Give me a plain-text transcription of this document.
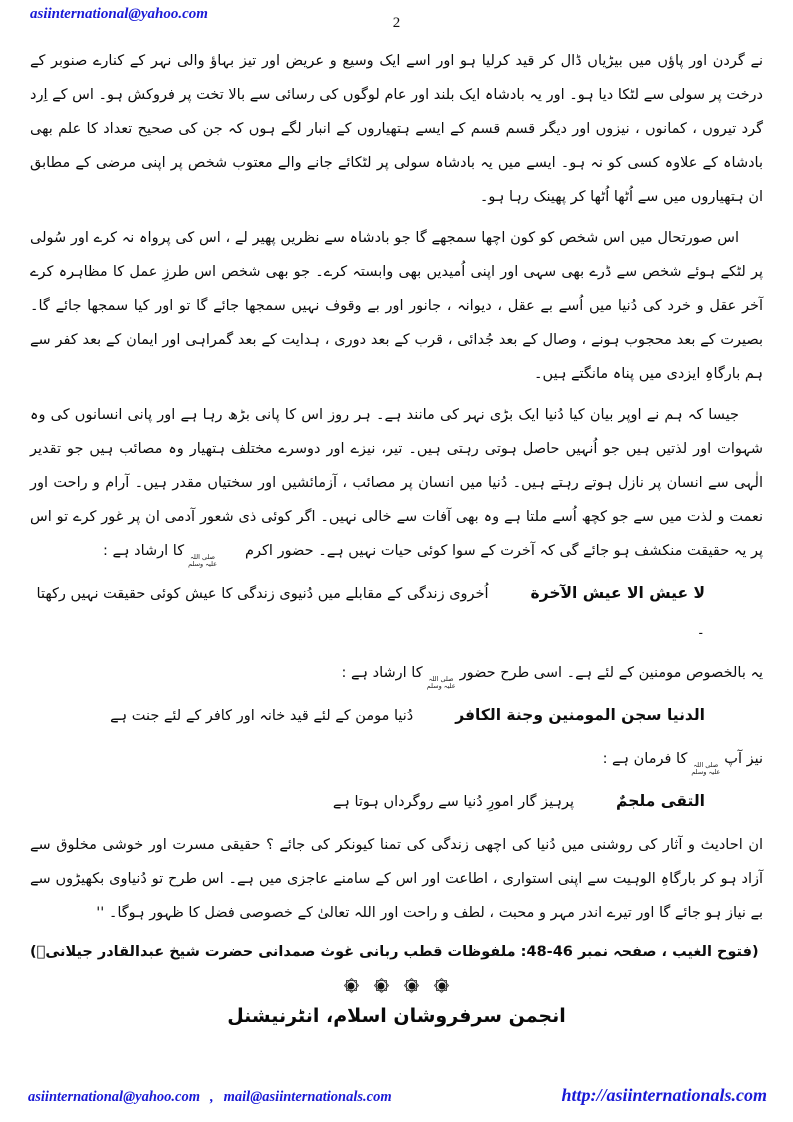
asiinternational@yahoo.com
2

نے گردن اور پاؤں میں بیڑیاں ڈال کر قید کرلیا ہو اور اسے ایک وسیع و عریض اور تیز بہاؤ والی نہر کے کنارے صنوبر کے درخت پر سولی سے لٹکا دیا ہو۔ اور یہ بادشاہ ایک بلند اور عام لوگوں کی رسائی سے بالا تخت پر فروکش ہو۔ اس کے اِرد گرد تیروں ، کمانوں ، نیزوں اور دیگر قسم قسم کے ایسے ہتھیاروں کے انبار لگے ہوں کہ جن کی صحیح تعداد کا علم بھی بادشاہ کے علاوہ کسی کو نہ ہو۔ ایسے میں یہ بادشاہ سولی پر لٹکائے جانے والے معتوب شخص پر اپنی مرضی کے مطابق ان ہتھیاروں میں سے اُٹھا اُٹھا کر پھینک رہا ہو۔

اس صورتحال میں اس شخص کو کون اچھا سمجھے گا جو بادشاہ سے نظریں پھیر لے ، اس کی پرواہ نہ کرے اور سُولی پر لٹکے ہوئے شخص سے ڈرے بھی سہی اور اپنی اُمیدیں بھی وابستہ کرے۔ جو بھی شخص اس طرزِ عمل کا مظاہرہ کرے آخر عقل و خرد کی دُنیا میں اُسے بے عقل ، دیوانہ ، جانور اور بے وقوف نہیں سمجھا جائے گا تو اور کیا سمجھا جائے گا۔ بصیرت کے بعد محجوب ہونے ، وصال کے بعد جُدائی ، قرب کے بعد دوری ، ہدایت کے بعد گمراہی اور ایمان کے بعد کفر سے ہم بارگاہِ ایزدی میں پناہ مانگتے ہیں۔

جیسا کہ ہم نے اوپر بیان کیا دُنیا ایک بڑی نہر کی مانند ہے۔ ہر روز اس کا پانی بڑھ رہا ہے اور پانی انسانوں کی وہ شہوات اور لذتیں ہیں جو اُنہیں حاصل ہوتی رہتی ہیں۔ تیر، نیزے اور دوسرے مختلف ہتھیار وہ مصائب ہیں جو تقدیر الٰہی سے انسان پر نازل ہوتے رہتے ہیں۔ دُنیا میں انسان پر مصائب ، آزمائشیں اور سختیاں مقدر ہیں۔ آرام و راحت اور نعمت و لذت میں سے جو کچھ اُسے ملتا ہے وہ بھی آفات سے خالی نہیں۔ اگر کوئی ذی شعور آدمی ان پر غور کرے تو اس پر یہ حقیقت منکشف ہو جائے گی کہ آخرت کے سوا کوئی حیات نہیں ہے۔ حضور اکرم
صلی اللہ
علیہ وسلم
کا ارشاد ہے :

لا عیش الا عیش الآخرةاُخروی زندگی کے مقابلے میں دُنیوی زندگی کا عیش کوئی حقیقت نہیں رکھتا ۔

یہ بالخصوص مومنین کے لئے ہے۔ اسی طرح حضور
صلی اللہ
علیہ وسلم
کا ارشاد ہے :

الدنیا سجن المومنین وجنة الکافردُنیا مومن کے لئے قید خانہ اور کافر کے لئے جنت ہے

نیز آپ
صلی اللہ
علیہ وسلم
کا فرمان ہے :

التقی ملجمٌپرہیز گار امورِ دُنیا سے روگرداں ہوتا ہے

ان احادیث و آثار کی روشنی میں دُنیا کی اچھی زندگی کی تمنا کیونکر کی جائے ؟ حقیقی مسرت اور خوشی مخلوق سے آزاد ہو کر بارگاہِ الوہیت سے اپنی استواری ، اطاعت اور اس کے سامنے عاجزی میں ہے۔ اس طرح تو دُنیاوی بکھیڑوں سے بے نیاز ہو جائے گا اور تیرے اندر مہر و محبت ، لطف و راحت اور اللہ تعالیٰ کے خصوصی فضل کا ظہور ہوگا۔ ''

(فتوح الغیب ، صفحہ نمبر 46-48: ملفوظات قطب ربانی غوث صمدانی حضرت شیخ عبدالقادر جیلانیؒ)

انجمن سرفروشان اسلام، انٹرنیشنل
asiinternational@yahoo.com , mail@asiinternationals.com	http://asiinternationals.com
